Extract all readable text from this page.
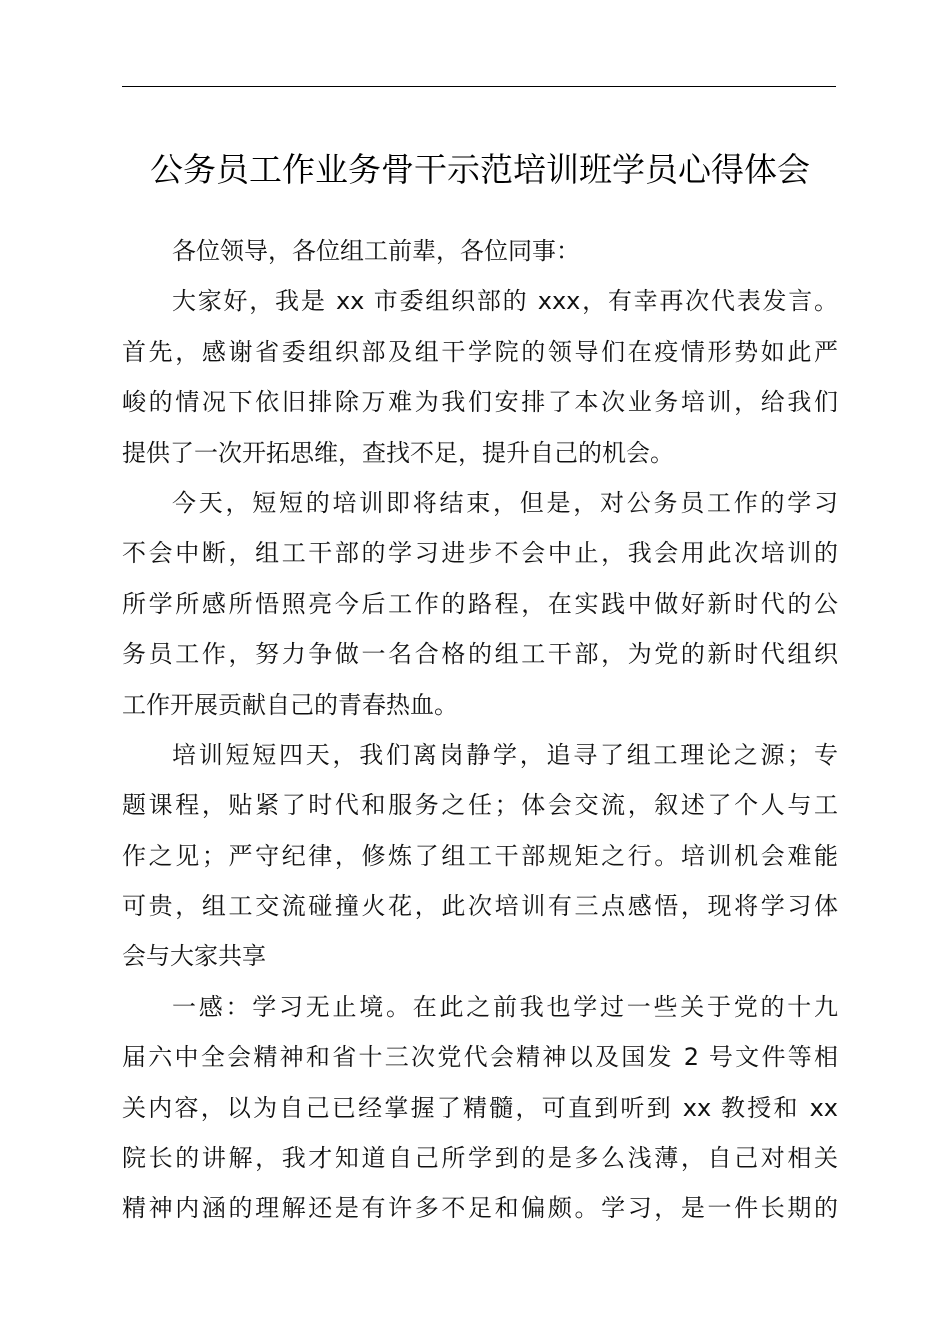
公务员工作业务骨干示范培训班学员心得体会
各位领导，各位组工前辈，各位同事：
大家好，我是 xx 市委组织部的 xxx，有幸再次代表发言。
首先，感谢省委组织部及组干学院的领导们在疫情形势如此严
峻的情况下依旧排除万难为我们安排了本次业务培训，给我们
提供了一次开拓思维，查找不足，提升自己的机会。
今天，短短的培训即将结束，但是，对公务员工作的学习
不会中断，组工干部的学习进步不会中止，我会用此次培训的
所学所感所悟照亮今后工作的路程，在实践中做好新时代的公
务员工作，努力争做一名合格的组工干部，为党的新时代组织
工作开展贡献自己的青春热血。
培训短短四天，我们离岗静学，追寻了组工理论之源；专
题课程，贴紧了时代和服务之任；体会交流，叙述了个人与工
作之见；严守纪律，修炼了组工干部规矩之行。培训机会难能
可贵，组工交流碰撞火花，此次培训有三点感悟，现将学习体
会与大家共享
一感：学习无止境。在此之前我也学过一些关于党的十九
届六中全会精神和省十三次党代会精神以及国发 2 号文件等相
关内容，以为自己已经掌握了精髓，可直到听到 xx 教授和 xx
院长的讲解，我才知道自己所学到的是多么浅薄，自己对相关
精神内涵的理解还是有许多不足和偏颇。学习，是一件长期的
